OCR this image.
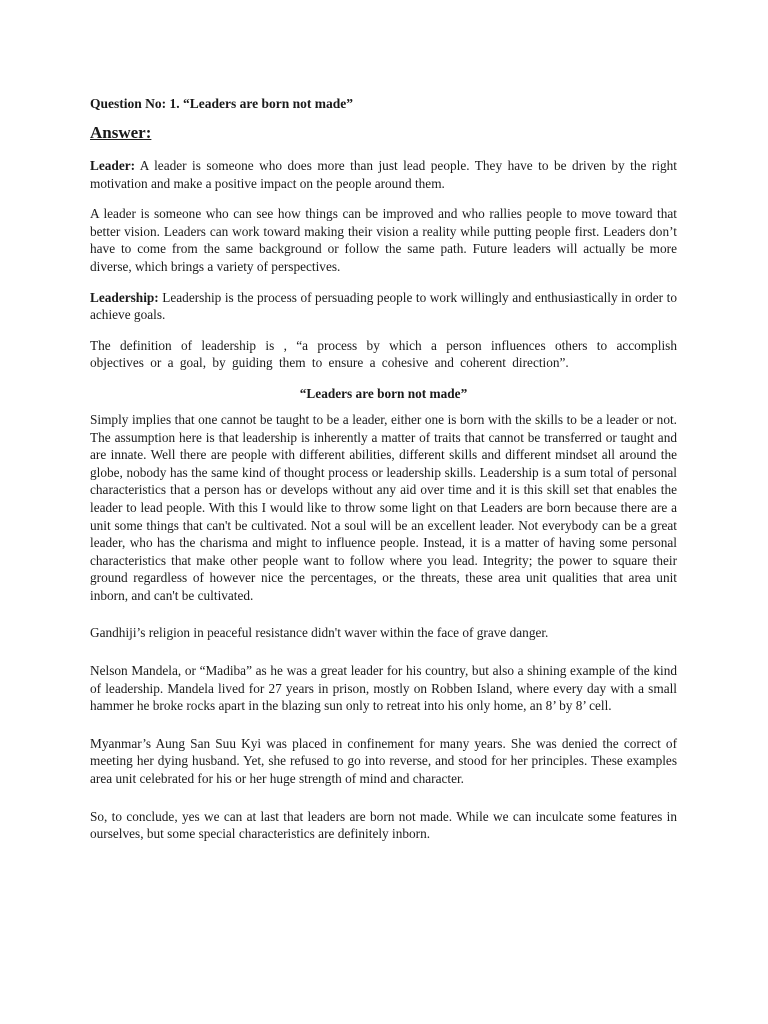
Question No: 1. “Leaders are born not made”
Answer:

Leader: A leader is someone who does more than just lead people. They have to be driven by the right motivation and make a positive impact on the people around them.

A leader is someone who can see how things can be improved and who rallies people to move toward that better vision. Leaders can work toward making their vision a reality while putting people first. Leaders don’t have to come from the same background or follow the same path. Future leaders will actually be more diverse, which brings a variety of perspectives.

Leadership: Leadership is the process of persuading people to work willingly and enthusiastically in order to achieve goals.

The definition of leadership is , “a process by which a person influences others to accomplish objectives or a goal, by guiding them to ensure a cohesive and coherent direction”.

“Leaders are born not made”

Simply implies that one cannot be taught to be a leader, either one is born with the skills to be a leader or not. The assumption here is that leadership is inherently a matter of traits that cannot be transferred or taught and are innate. Well there are people with different abilities, different skills and different mindset all around the globe, nobody has the same kind of thought process or leadership skills. Leadership is a sum total of personal characteristics that a person has or develops without any aid over time and it is this skill set that enables the leader to lead people. With this I would like to throw some light on that Leaders are born because there are a unit some things that can't be cultivated. Not a soul will be an excellent leader. Not everybody can be a great leader, who has the charisma and might to influence people. Instead, it is a matter of having some personal characteristics that make other people want to follow where you lead. Integrity; the power to square their ground regardless of however nice the percentages, or the threats, these area unit qualities that area unit inborn, and can't be cultivated.

Gandhiji’s religion in peaceful resistance didn't waver within the face of grave danger.

Nelson Mandela, or “Madiba” as he was a great leader for his country, but also a shining example of the kind of leadership. Mandela lived for 27 years in prison, mostly on Robben Island, where every day with a small hammer he broke rocks apart in the blazing sun only to retreat into his only home, an 8’ by 8’ cell.

Myanmar’s Aung San Suu Kyi was placed in confinement for many years. She was denied the correct of meeting her dying husband. Yet, she refused to go into reverse, and stood for her principles. These examples area unit celebrated for his or her huge strength of mind and character.

So, to conclude, yes we can at last that leaders are born not made. While we can inculcate some features in ourselves, but some special characteristics are definitely inborn.
